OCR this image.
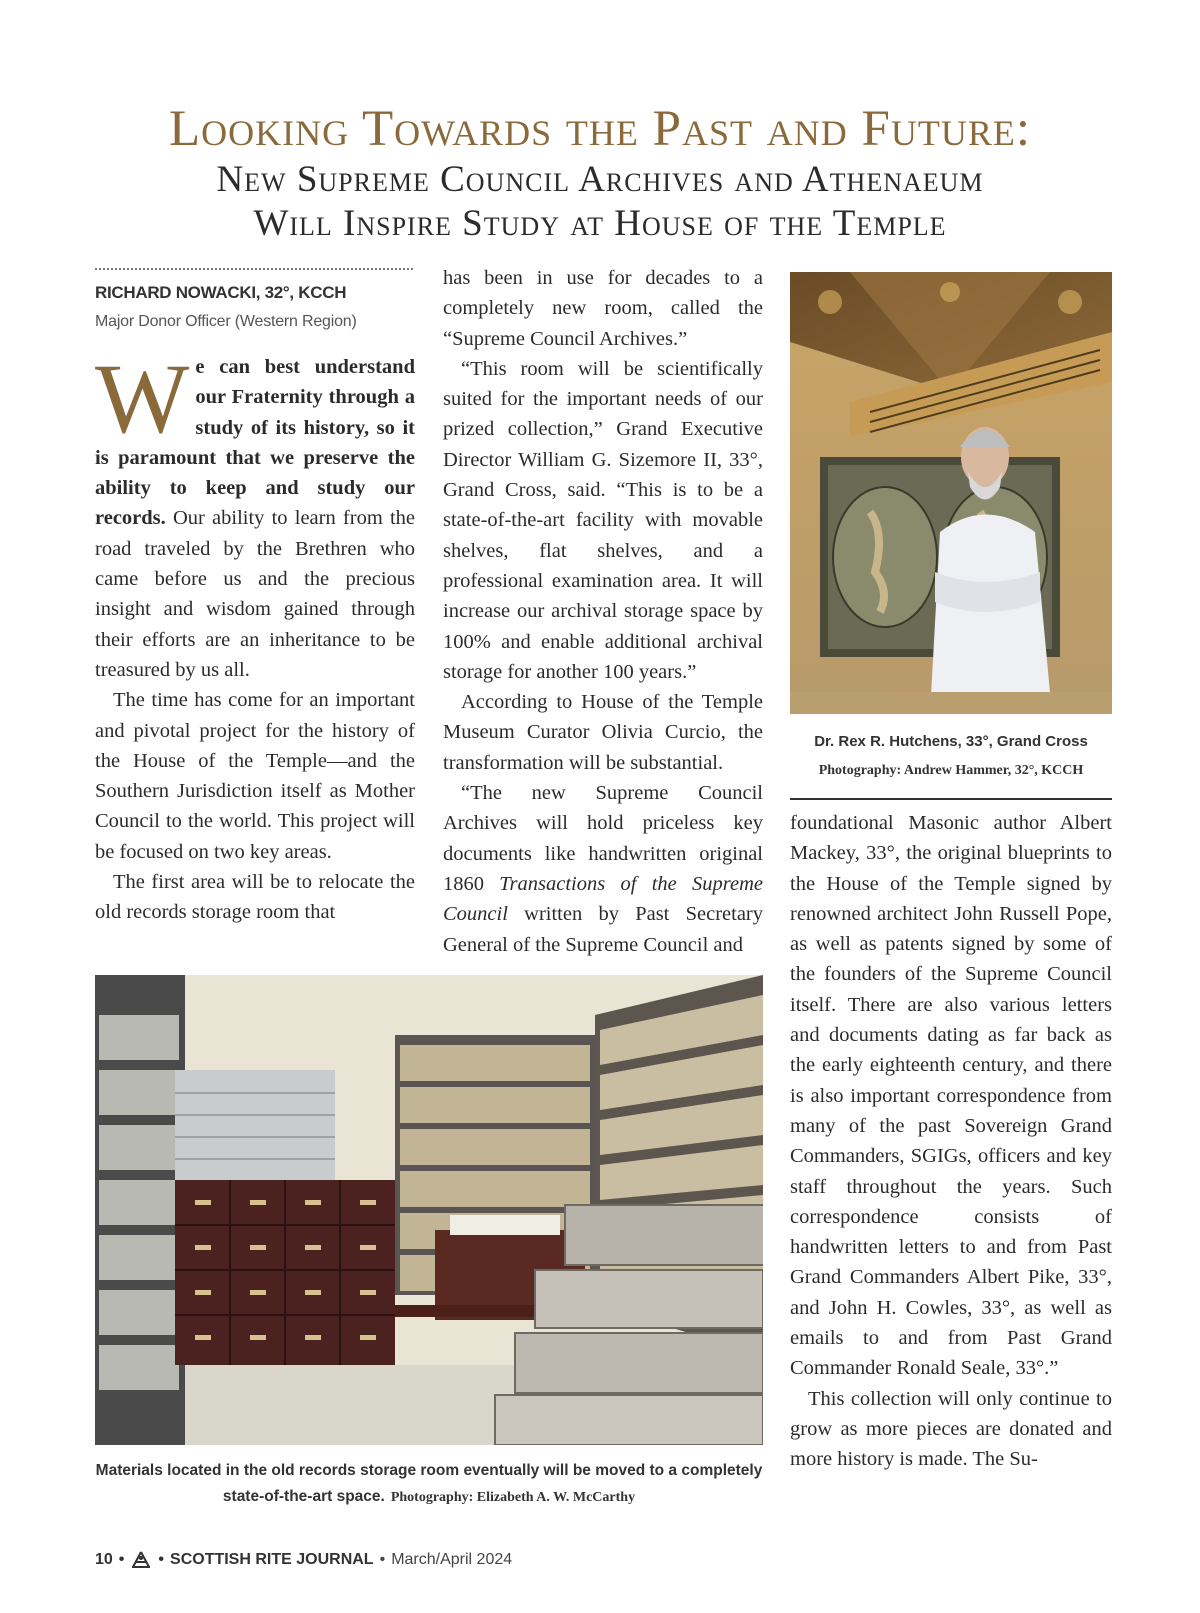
Looking Towards the Past and Future:
New Supreme Council Archives and Athenaeum
Will Inspire Study at House of the Temple
RICHARD NOWACKI, 32°, KCCH
Major Donor Officer (Western Region)

We can best understand our Fraternity through a study of its history, so it is paramount that we preserve the ability to keep and study our records. Our ability to learn from the road traveled by the Brethren who came before us and the precious insight and wisdom gained through their efforts are an inheritance to be treasured by us all.

The time has come for an important and pivotal project for the history of the House of the Temple—and the Southern Jurisdiction itself as Mother Council to the world. This project will be focused on two key areas.

The first area will be to relocate the old records storage room that

has been in use for decades to a completely new room, called the “Supreme Council Archives.”

“This room will be scientifically suited for the important needs of our prized collection,” Grand Executive Director William G. Sizemore II, 33°, Grand Cross, said. “This is to be a state-of-the-art facility with movable shelves, flat shelves, and a professional examination area. It will increase our archival storage space by 100% and enable additional archival storage for another 100 years.”

According to House of the Temple Museum Curator Olivia Curcio, the transformation will be substantial.

“The new Supreme Council Archives will hold priceless key documents like handwritten original 1860 Transactions of the Supreme Council written by Past Secretary General of the Supreme Council and

foundational Masonic author Albert Mackey, 33°, the original blueprints to the House of the Temple signed by renowned architect John Russell Pope, as well as patents signed by some of the founders of the Supreme Council itself. There are also various letters and documents dating as far back as the early eighteenth century, and there is also important correspondence from many of the past Sovereign Grand Commanders, SGIGs, officers and key staff throughout the years. Such correspondence consists of handwritten letters to and from Past Grand Commanders Albert Pike, 33°, and John H. Cowles, 33°, as well as emails to and from Past Grand Commander Ronald Seale, 33°.”

This collection will only continue to grow as more pieces are donated and more history is made. The Su-

Dr. Rex R. Hutchens, 33°, Grand Cross
Photography: Andrew Hammer, 32°, KCCH
Materials located in the old records storage room eventually will be moved to a completely state-of-the-art space. Photography: Elizabeth A. W. McCarthy
10 • • SCOTTISH RITE JOURNAL • March/April 2024
